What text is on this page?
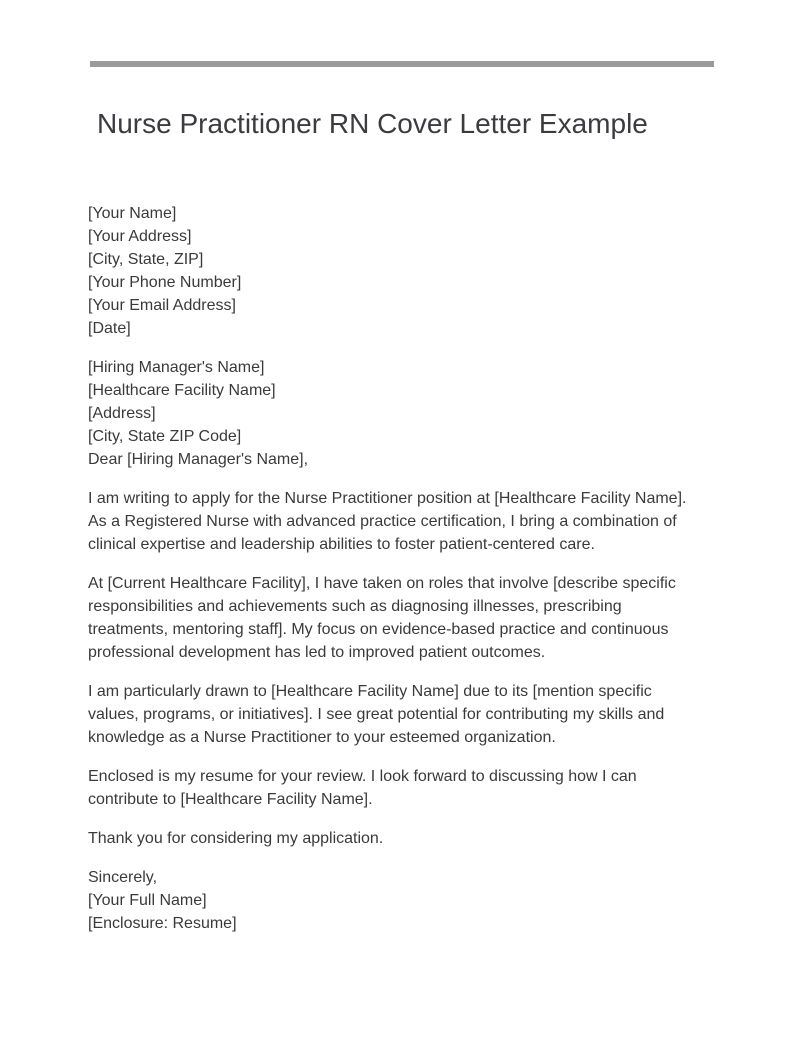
Nurse Practitioner RN Cover Letter Example
[Your Name]
[Your Address]
[City, State, ZIP]
[Your Phone Number]
[Your Email Address]
[Date]
[Hiring Manager's Name]
[Healthcare Facility Name]
[Address]
[City, State ZIP Code]
Dear [Hiring Manager's Name],

I am writing to apply for the Nurse Practitioner position at [Healthcare Facility Name]. As a Registered Nurse with advanced practice certification, I bring a combination of clinical expertise and leadership abilities to foster patient-centered care.

At [Current Healthcare Facility], I have taken on roles that involve [describe specific responsibilities and achievements such as diagnosing illnesses, prescribing treatments, mentoring staff]. My focus on evidence-based practice and continuous professional development has led to improved patient outcomes.

I am particularly drawn to [Healthcare Facility Name] due to its [mention specific values, programs, or initiatives]. I see great potential for contributing my skills and knowledge as a Nurse Practitioner to your esteemed organization.

Enclosed is my resume for your review. I look forward to discussing how I can contribute to [Healthcare Facility Name].

Thank you for considering my application.

Sincerely,
[Your Full Name]
[Enclosure: Resume]
